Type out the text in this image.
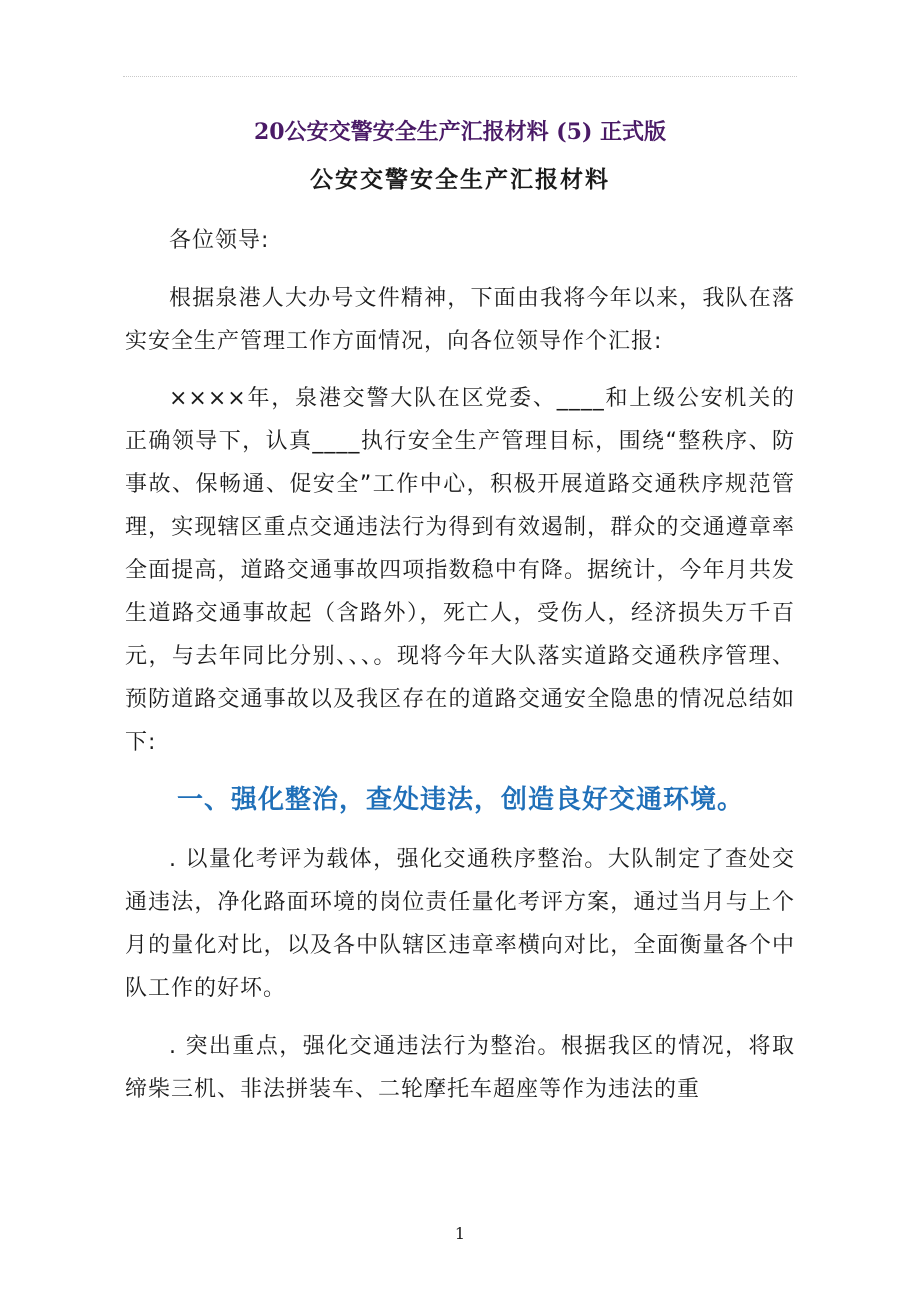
20公安交警安全生产汇报材料 (5) 正式版
公安交警安全生产汇报材料

各位领导:

根据泉港人大办号文件精神，下面由我将今年以来，我队在落实安全生产管理工作方面情况，向各位领导作个汇报:

××××年，泉港交警大队在区党委、____和上级公安机关的正确领导下，认真____执行安全生产管理目标，围绕“整秩序、防事故、保畅通、促安全”工作中心，积极开展道路交通秩序规范管理，实现辖区重点交通违法行为得到有效遏制，群众的交通遵章率全面提高，道路交通事故四项指数稳中有降。据统计，今年月共发生道路交通事故起（含路外），死亡人，受伤人，经济损失万千百元，与去年同比分别、、、。现将今年大队落实道路交通秩序管理、预防道路交通事故以及我区存在的道路交通安全隐患的情况总结如下:

一、强化整治，查处违法，创造良好交通环境。

. 以量化考评为载体，强化交通秩序整治。大队制定了查处交通违法，净化路面环境的岗位责任量化考评方案，通过当月与上个月的量化对比，以及各中队辖区违章率横向对比，全面衡量各个中队工作的好坏。

. 突出重点，强化交通违法行为整治。根据我区的情况，将取缔柴三机、非法拼装车、二轮摩托车超座等作为违法的重

1
